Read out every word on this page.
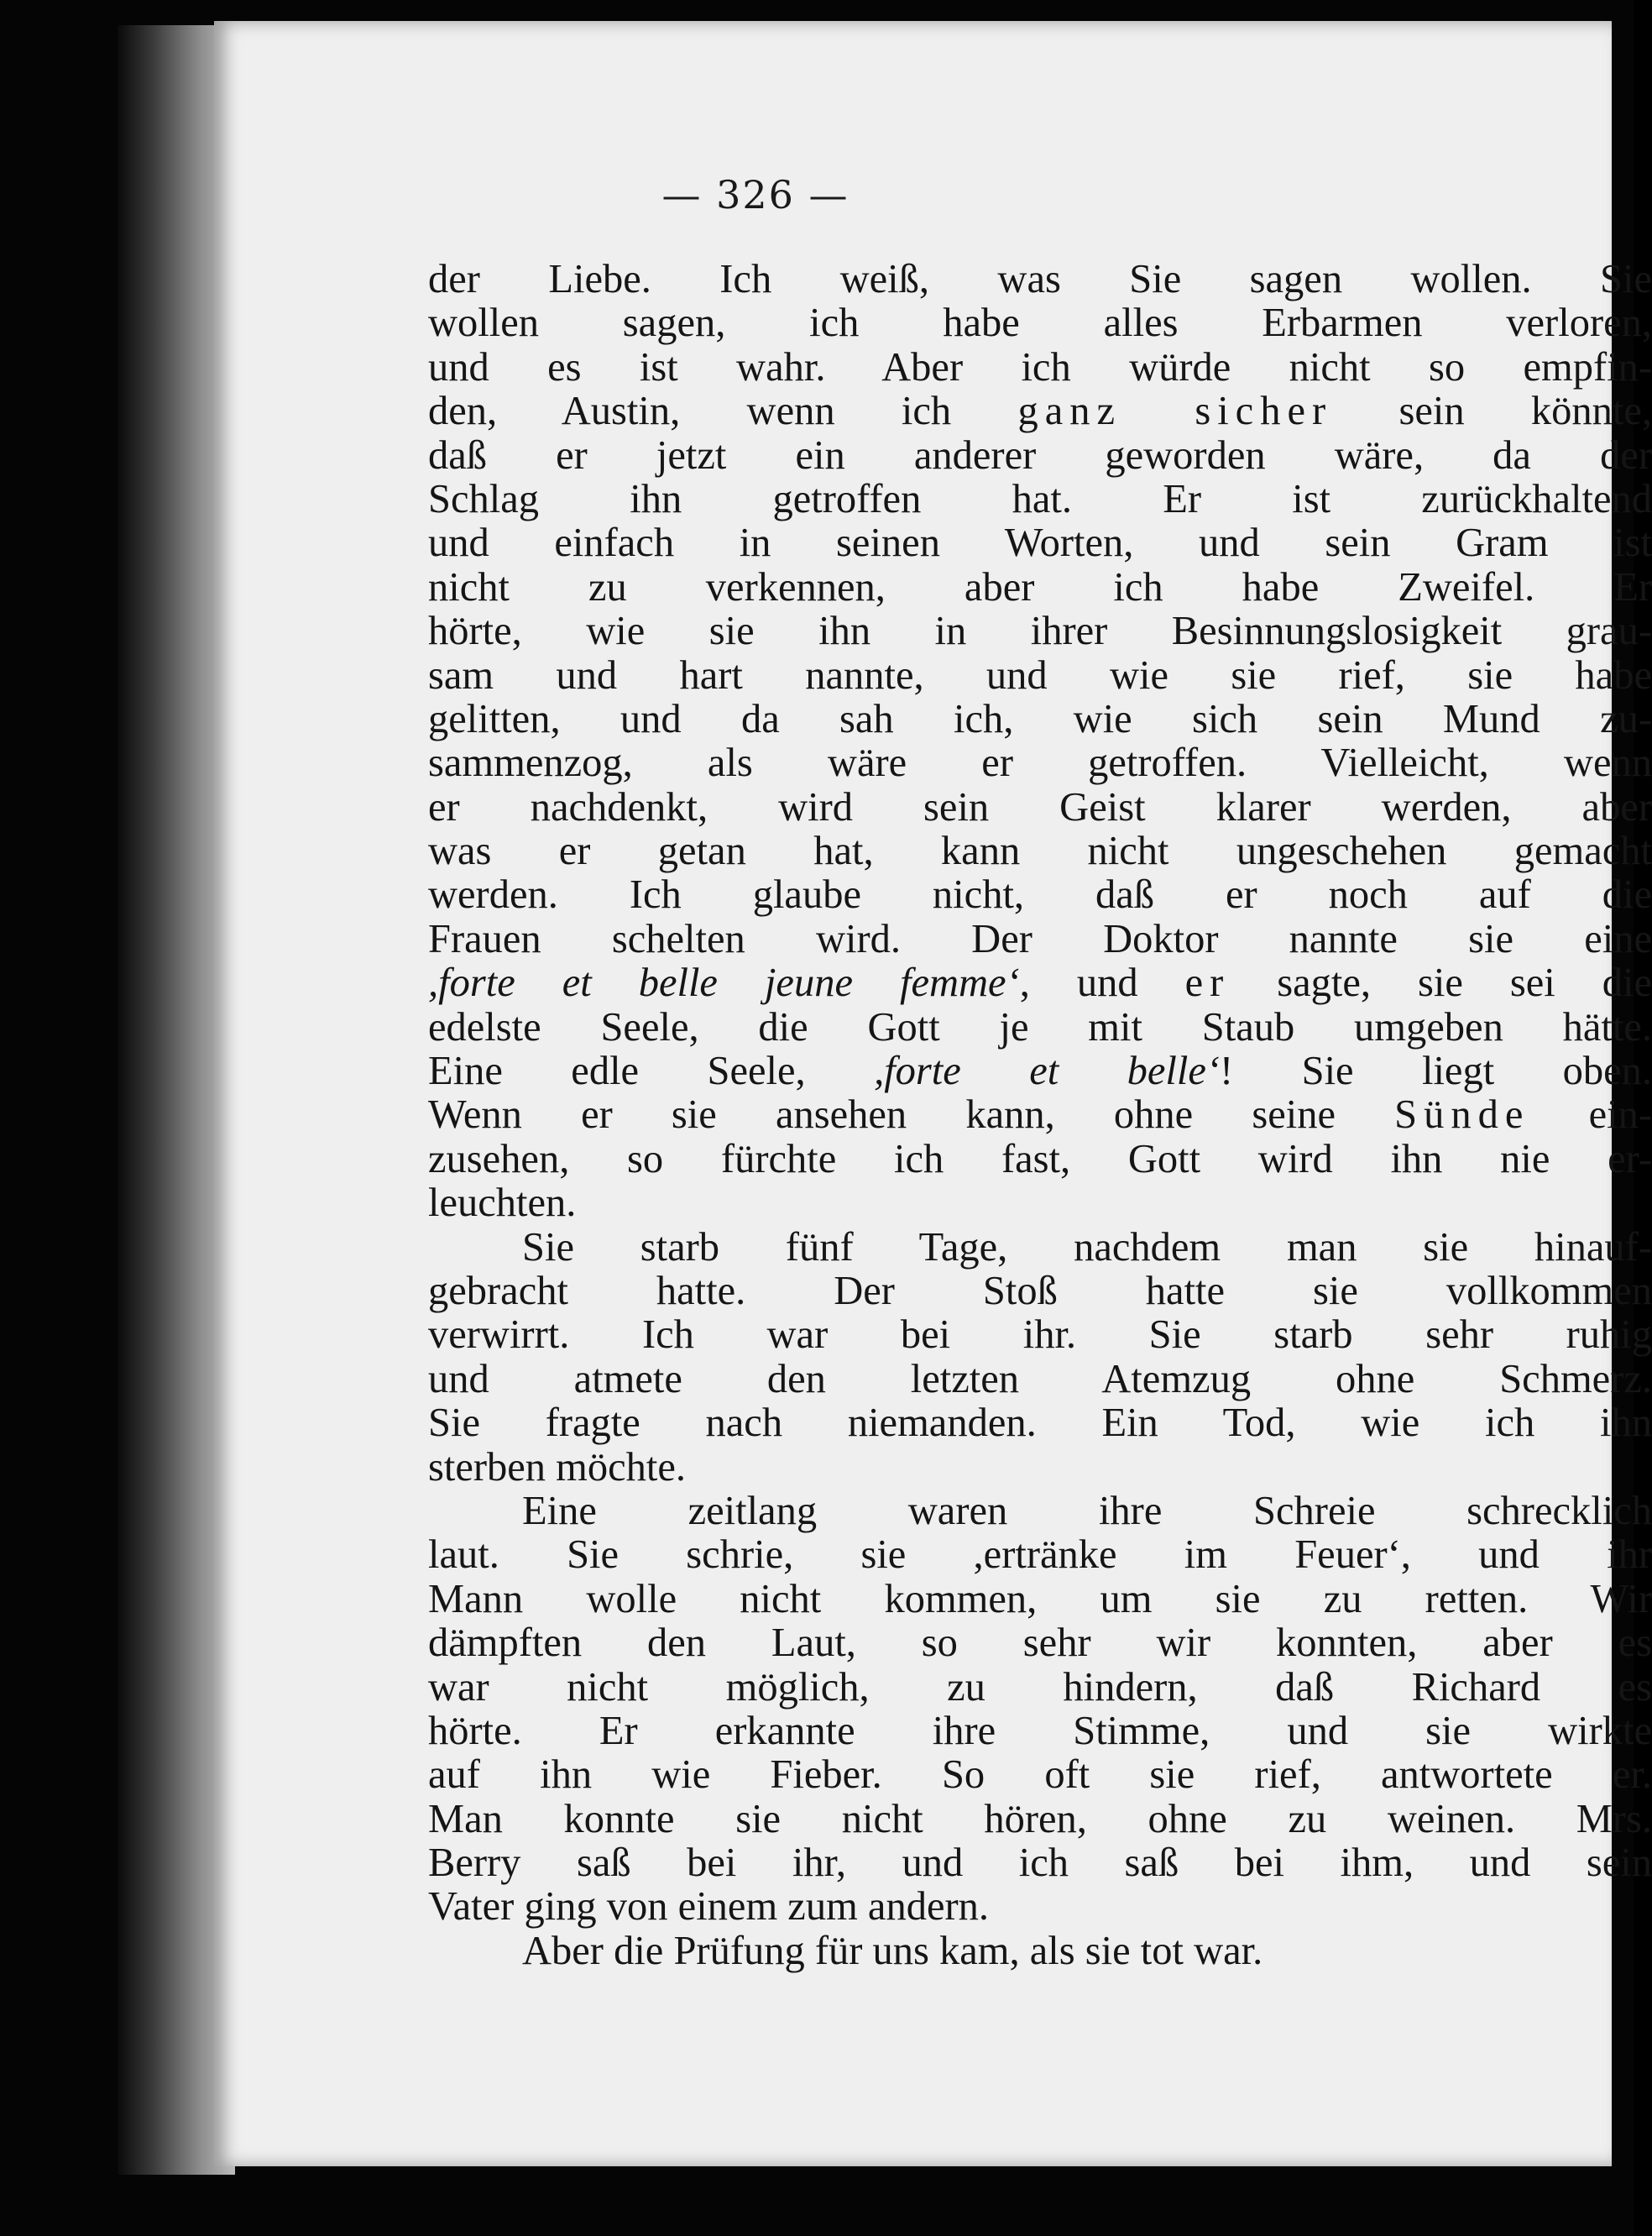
— 326 —
der Liebe. Ich weiß, was Sie sagen wollen. Sie
wollen sagen, ich habe alles Erbarmen verloren,
und es ist wahr. Aber ich würde nicht so empfin-
den, Austin, wenn ich ganz sicher sein könnte,
daß er jetzt ein anderer geworden wäre, da der
Schlag ihn getroffen hat. Er ist zurückhaltend
und einfach in seinen Worten, und sein Gram ist
nicht zu verkennen, aber ich habe Zweifel. Er
hörte, wie sie ihn in ihrer Besinnungslosigkeit grau-
sam und hart nannte, und wie sie rief, sie habe
gelitten, und da sah ich, wie sich sein Mund zu-
sammenzog, als wäre er getroffen. Vielleicht, wenn
er nachdenkt, wird sein Geist klarer werden, aber
was er getan hat, kann nicht ungeschehen gemacht
werden. Ich glaube nicht, daß er noch auf die
Frauen schelten wird. Der Doktor nannte sie eine
,forte et belle jeune femme‘, und er sagte, sie sei die
edelste Seele, die Gott je mit Staub umgeben hätte.
Eine edle Seele, ,forte et belle‘! Sie liegt oben.
Wenn er sie ansehen kann, ohne seine Sünde ein-
zusehen, so fürchte ich fast, Gott wird ihn nie er-
leuchten.
Sie starb fünf Tage, nachdem man sie hinauf-
gebracht hatte. Der Stoß hatte sie vollkommen
verwirrt. Ich war bei ihr. Sie starb sehr ruhig
und atmete den letzten Atemzug ohne Schmerz.
Sie fragte nach niemanden. Ein Tod, wie ich ihn
sterben möchte.
Eine zeitlang waren ihre Schreie schrecklich
laut. Sie schrie, sie ,ertränke im Feuer‘, und ihr
Mann wolle nicht kommen, um sie zu retten. Wir
dämpften den Laut, so sehr wir konnten, aber es
war nicht möglich, zu hindern, daß Richard es
hörte. Er erkannte ihre Stimme, und sie wirkte
auf ihn wie Fieber. So oft sie rief, antwortete er.
Man konnte sie nicht hören, ohne zu weinen. Mrs.
Berry saß bei ihr, und ich saß bei ihm, und sein
Vater ging von einem zum andern.
Aber die Prüfung für uns kam, als sie tot war.
